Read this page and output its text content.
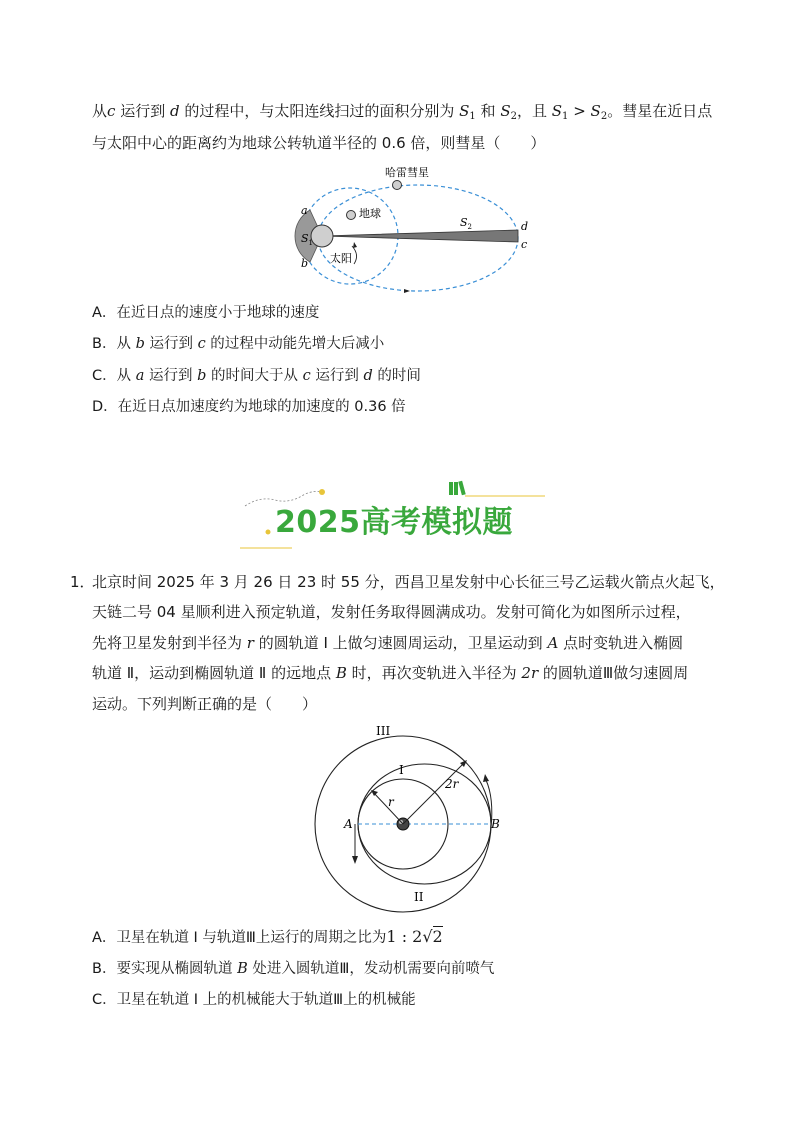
从c 运行到 d 的过程中，与太阳连线扫过的面积分别为 $S_1$ 和 $S_2$，且 $S_1 > S_2$。彗星在近日点
与太阳中心的距离约为地球公转轨道半径的 0.6 倍，则彗星（　　）
哈雷彗星
地球
太阳
a
b
d
c
$S_1$
$S_2$
A．在近日点的速度小于地球的速度
B．从 b 运行到 c 的过程中动能先增大后减小
C．从 a 运行到 b 的时间大于从 c 运行到 d 的时间
D．在近日点加速度约为地球的加速度的 0.36 倍
2025高考模拟题
1．
北京时间 2025 年 3 月 26 日 23 时 55 分，西昌卫星发射中心长征三号乙运载火箭点火起飞，
天链二号 04 星顺利进入预定轨道，发射任务取得圆满成功。发射可简化为如图所示过程，
先将卫星发射到半径为 r 的圆轨道 Ⅰ 上做匀速圆周运动，卫星运动到 A 点时变轨进入椭圆
轨道 Ⅱ，运动到椭圆轨道 Ⅱ 的远地点 B 时，再次变轨进入半径为 2r 的圆轨道Ⅲ做匀速圆周
运动。下列判断正确的是（　　）
III
I
II
A	B
r
2r
A．卫星在轨道 Ⅰ 与轨道Ⅲ上运行的周期之比为1 : 2√2
B．要实现从椭圆轨道 B 处进入圆轨道Ⅲ，发动机需要向前喷气
C．卫星在轨道 Ⅰ 上的机械能大于轨道Ⅲ上的机械能
